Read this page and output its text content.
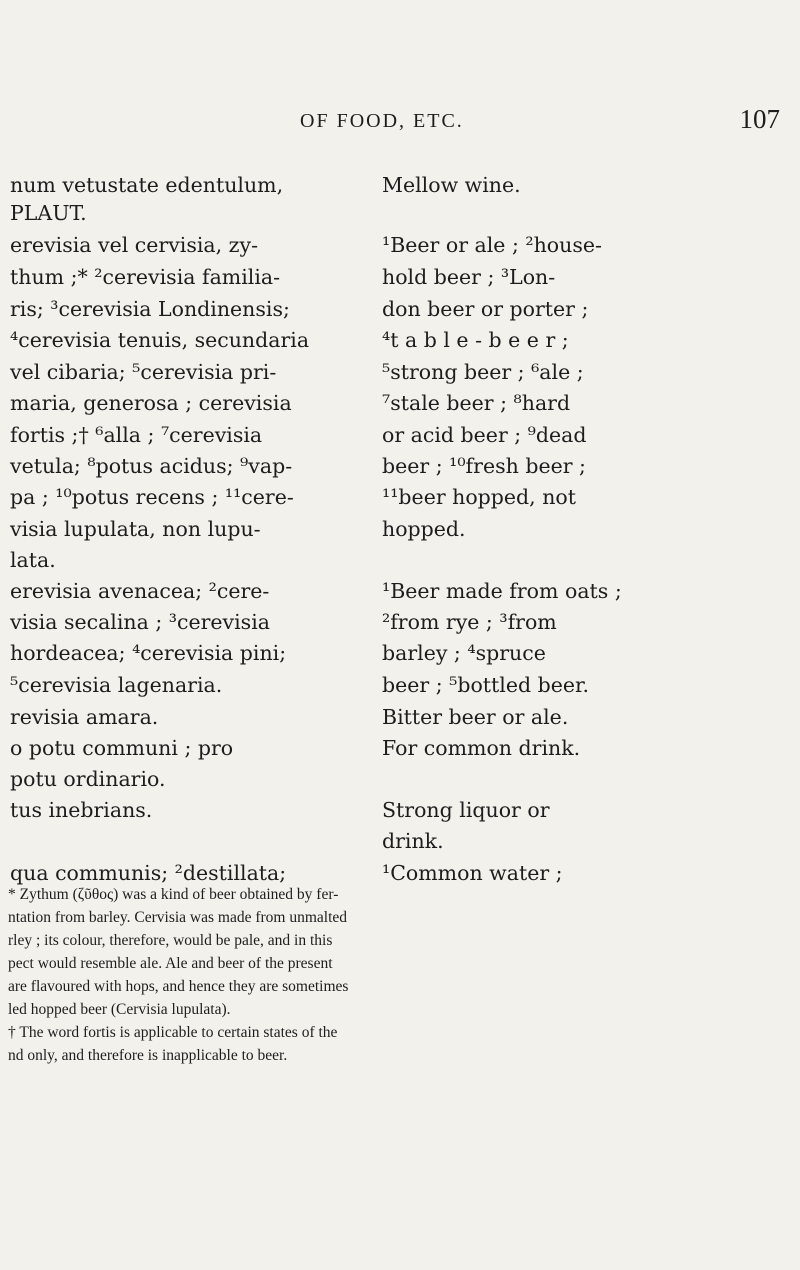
OF FOOD, ETC.	107
num vetustate edentulum,	Mellow wine.
PLAUT.
erevisia vel cervisia, zy-	¹Beer or ale ; ²house-
thum ;* ²cerevisia familia-	hold beer ; ³Lon-
ris; ³cerevisia Londinensis;	don beer or porter ;
⁴cerevisia tenuis, secundaria	⁴t a b l e - b e e r ;
vel cibaria; ⁵cerevisia pri-	⁵strong beer ; ⁶ale ;
maria, generosa ; cerevisia	⁷stale beer ; ⁸hard
fortis ;† ⁶alla ; ⁷cerevisia	or acid beer ; ⁹dead
vetula; ⁸potus acidus; ⁹vap-	beer ; ¹⁰fresh beer ;
pa ; ¹⁰potus recens ; ¹¹cere-	¹¹beer hopped, not
visia lupulata, non lupu-	hopped.
lata.
erevisia avenacea; ²cere-	¹Beer made from oats ;
visia secalina ; ³cerevisia	²from rye ; ³from
hordeacea; ⁴cerevisia pini;	barley ; ⁴spruce
⁵cerevisia lagenaria.	beer ; ⁵bottled beer.
revisia amara.	Bitter beer or ale.
o potu communi ; pro	For common drink.
potu ordinario.
tus inebrians.	Strong liquor or
drink.
qua communis; ²destillata;	¹Common water ;
* Zythum (ζῦθος) was a kind of beer obtained by fer-
ntation from barley. Cervisia was made from unmalted
rley ; its colour, therefore, would be pale, and in this
pect would resemble ale. Ale and beer of the present
are flavoured with hops, and hence they are sometimes
led hopped beer (Cervisia lupulata).
† The word fortis is applicable to certain states of the
nd only, and therefore is inapplicable to beer.
